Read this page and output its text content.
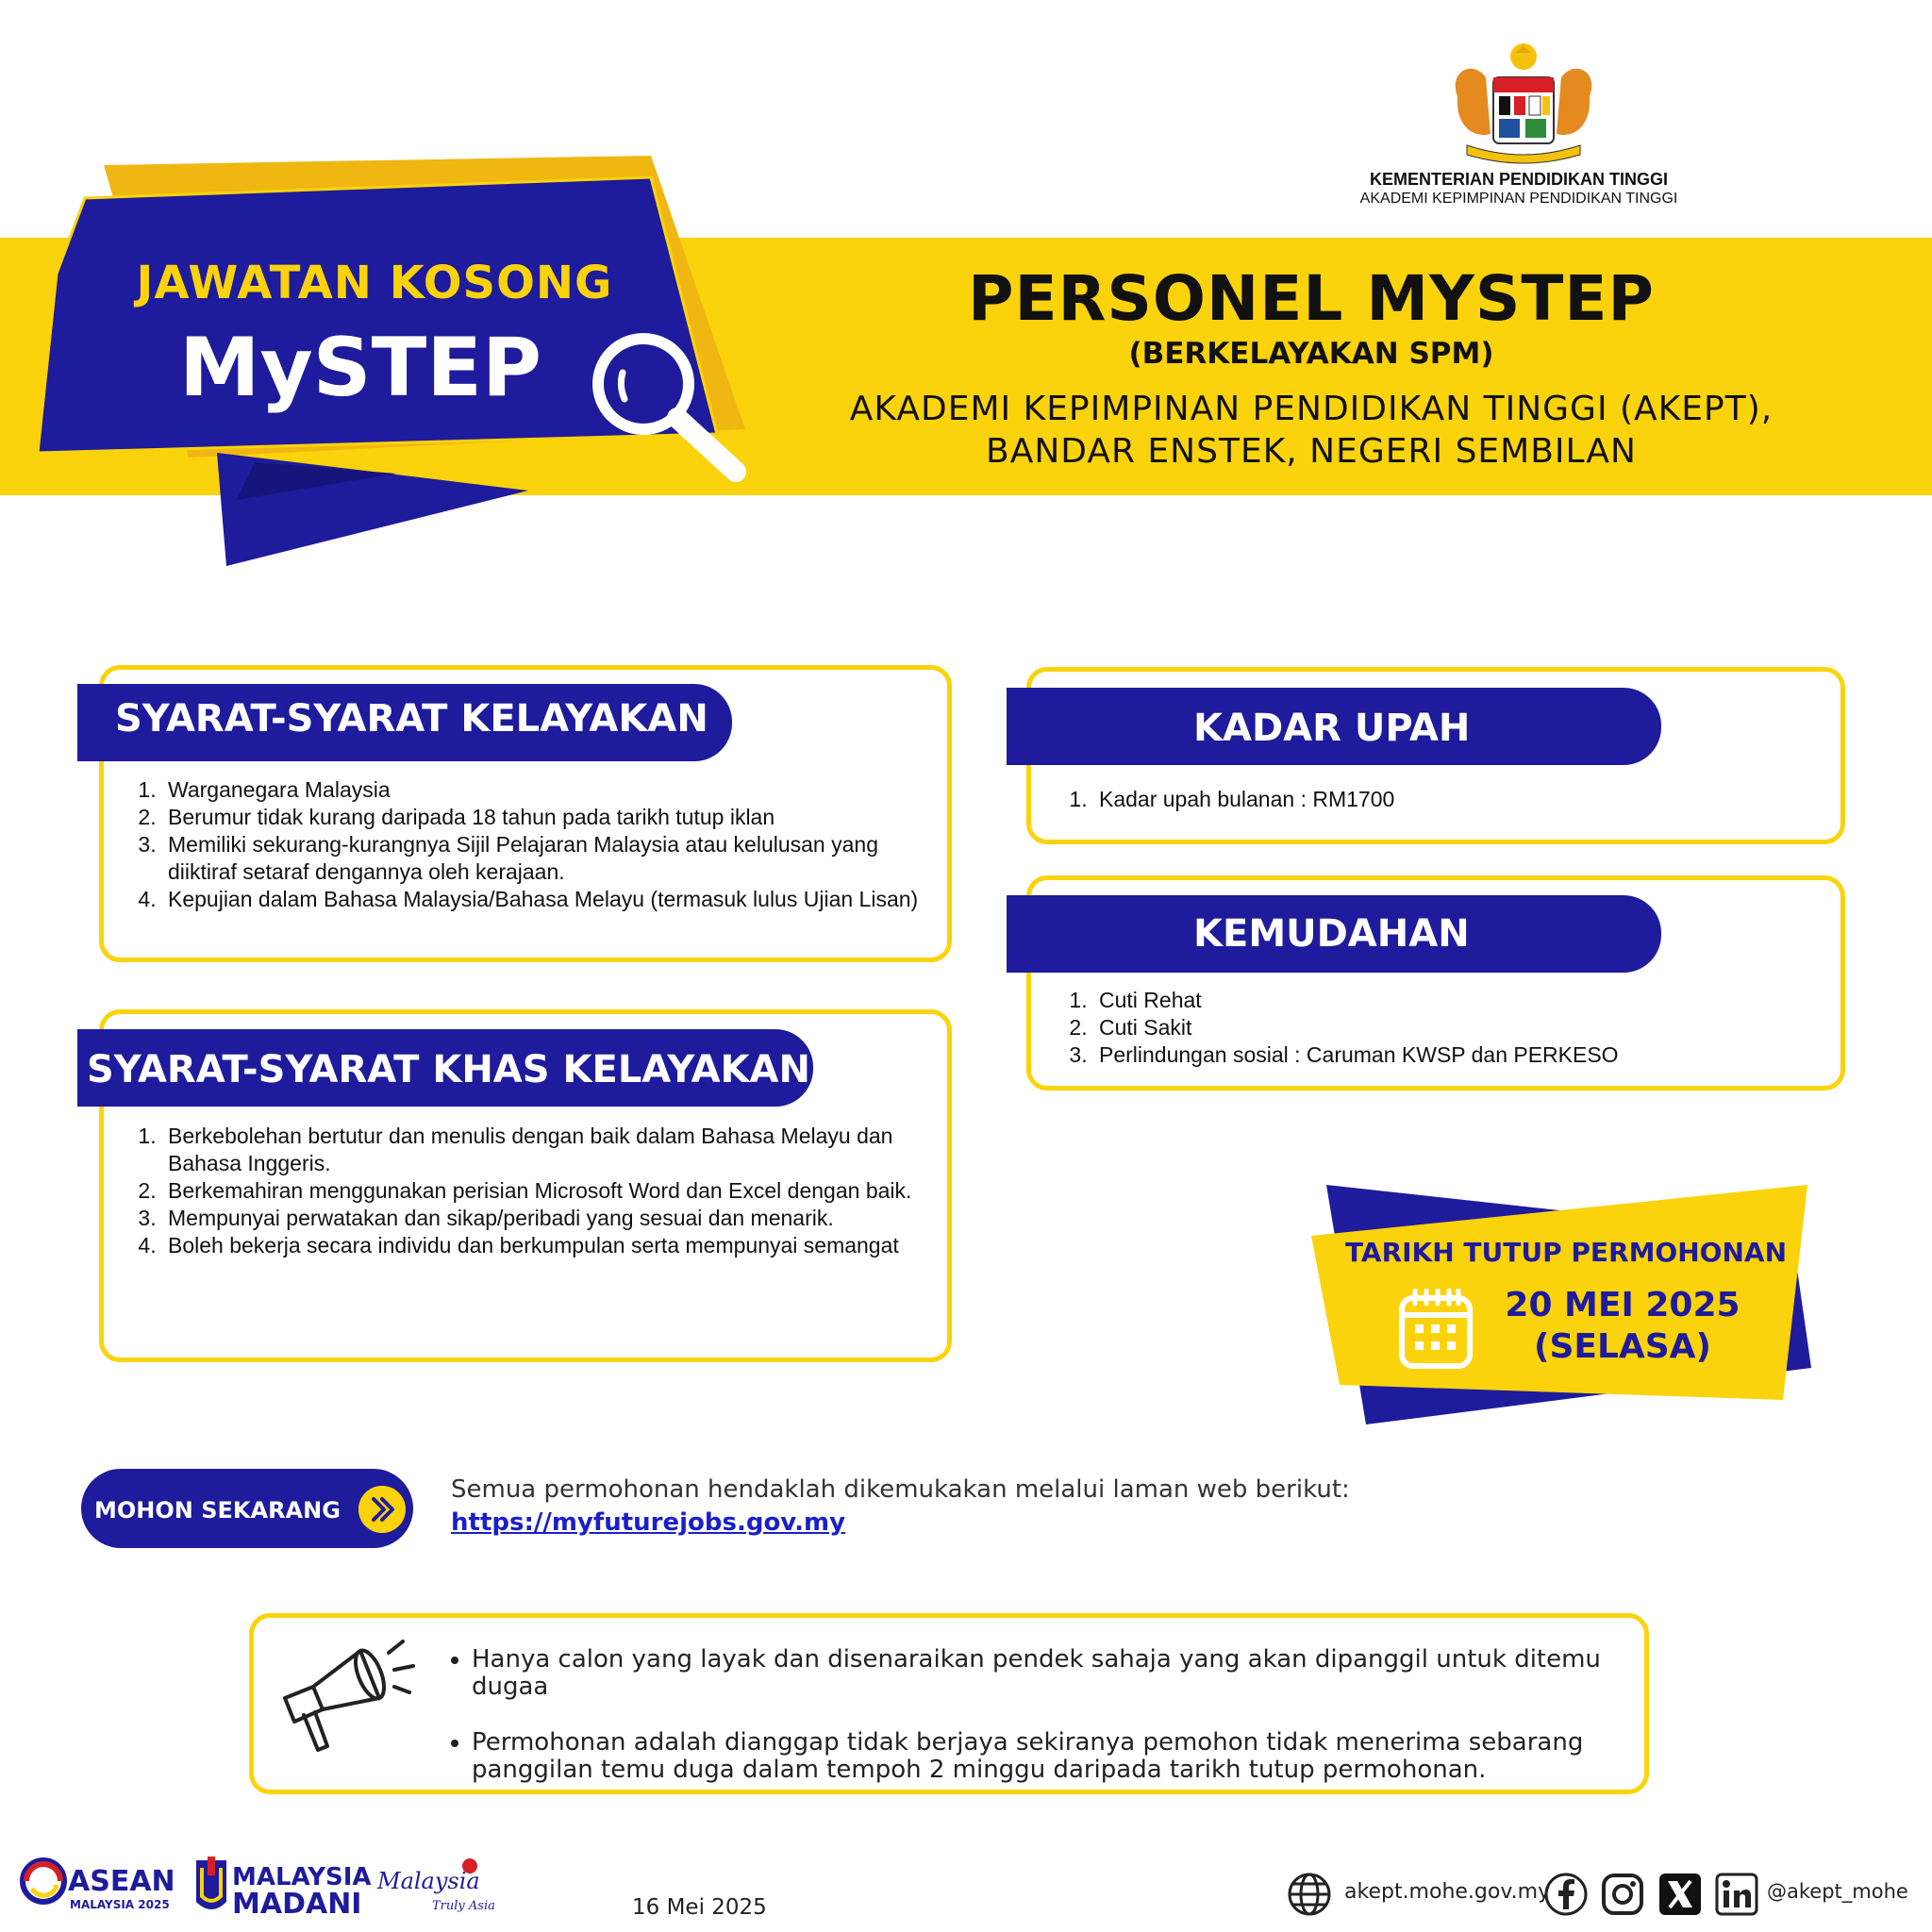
KEMENTERIAN PENDIDIKAN TINGGI
AKADEMI KEPIMPINAN PENDIDIKAN TINGGI
JAWATAN KOSONG
MySTEP
PERSONEL MYSTEP
(BERKELAYAKAN SPM)
AKADEMI KEPIMPINAN PENDIDIKAN TINGGI (AKEPT),
BANDAR ENSTEK, NEGERI SEMBILAN
SYARAT-SYARAT KELAYAKAN
1. Warganegara Malaysia
2. Berumur tidak kurang daripada 18 tahun pada tarikh tutup iklan
3. Memiliki sekurang-kurangnya Sijil Pelajaran Malaysia atau kelulusan yang diiktiraf setaraf dengannya oleh kerajaan.
4. Kepujian dalam Bahasa Malaysia/Bahasa Melayu (termasuk lulus Ujian Lisan)
SYARAT-SYARAT KHAS KELAYAKAN
1. Berkebolehan bertutur dan menulis dengan baik dalam Bahasa Melayu dan Bahasa Inggeris.
2. Berkemahiran menggunakan perisian Microsoft Word dan Excel dengan baik.
3. Mempunyai perwatakan dan sikap/peribadi yang sesuai dan menarik.
4. Boleh bekerja secara individu dan berkumpulan serta mempunyai semangat
KADAR UPAH
1. Kadar upah bulanan : RM1700
KEMUDAHAN
1. Cuti Rehat
2. Cuti Sakit
3. Perlindungan sosial : Caruman KWSP dan PERKESO
TARIKH TUTUP PERMOHONAN
20 MEI 2025
(SELASA)
MOHON SEKARANG
Semua permohonan hendaklah dikemukakan melalui laman web berikut:
https://myfuturejobs.gov.my
• Hanya calon yang layak dan disenaraikan pendek sahaja yang akan dipanggil untuk ditemu dugaa
• Permohonan adalah dianggap tidak berjaya sekiranya pemohon tidak menerima sebarang panggilan temu duga dalam tempoh 2 minggu daripada tarikh tutup permohonan.
ASEAN
MALAYSIA 2025
MALAYSIA
MADANI
Malaysia
Truly Asia	16 Mei 2025
akept.mohe.gov.my	@akept_mohe
